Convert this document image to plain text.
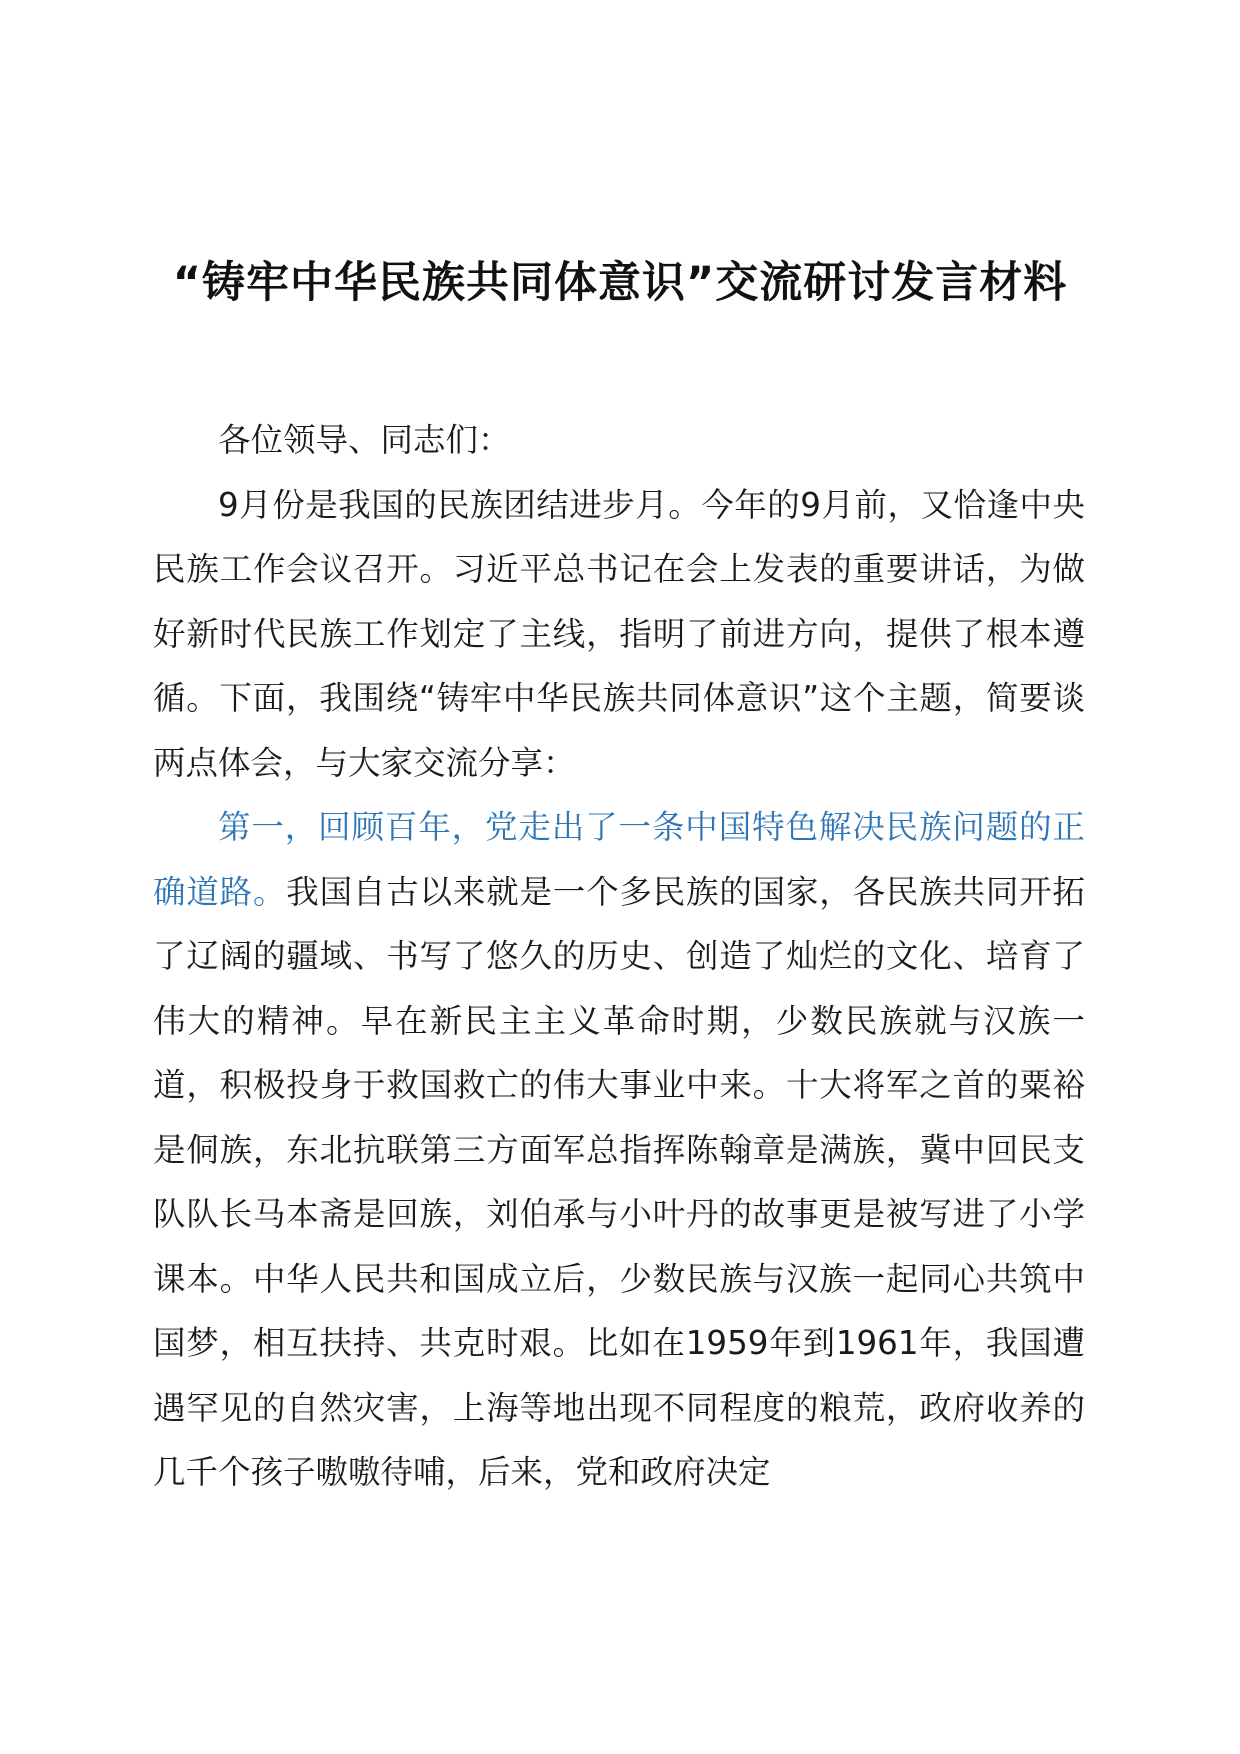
“铸牢中华民族共同体意识”交流研讨发言材料

各位领导、同志们：

9月份是我国的民族团结进步月。今年的9月前，又恰逢中央民族工作会议召开。习近平总书记在会上发表的重要讲话，为做好新时代民族工作划定了主线，指明了前进方向，提供了根本遵循。下面，我围绕“铸牢中华民族共同体意识”这个主题，简要谈两点体会，与大家交流分享：

第一，回顾百年，党走出了一条中国特色解决民族问题的正确道路。我国自古以来就是一个多民族的国家，各民族共同开拓了辽阔的疆域、书写了悠久的历史、创造了灿烂的文化、培育了伟大的精神。早在新民主主义革命时期，少数民族就与汉族一道，积极投身于救国救亡的伟大事业中来。十大将军之首的粟裕是侗族，东北抗联第三方面军总指挥陈翰章是满族，冀中回民支队队长马本斋是回族，刘伯承与小叶丹的故事更是被写进了小学课本。中华人民共和国成立后，少数民族与汉族一起同心共筑中国梦，相互扶持、共克时艰。比如在1959年到1961年，我国遭遇罕见的自然灾害，上海等地出现不同程度的粮荒，政府收养的几千个孩子嗷嗷待哺，后来，党和政府决定
